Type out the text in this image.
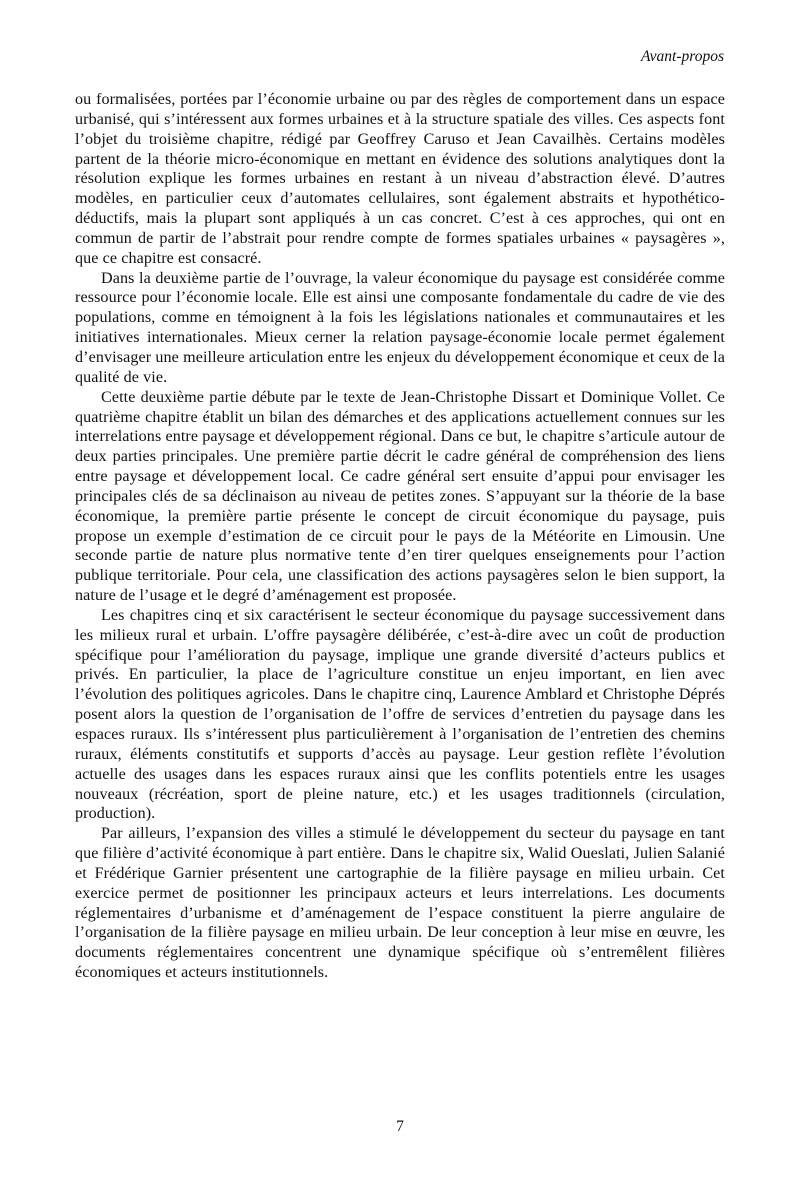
Avant-propos

ou formalisées, portées par l’économie urbaine ou par des règles de comportement dans un espace urbanisé, qui s’intéressent aux formes urbaines et à la structure spatiale des villes. Ces aspects font l’objet du troisième chapitre, rédigé par Geoffrey Caruso et Jean Cavailhès. Certains modèles partent de la théorie micro-économique en mettant en évidence des solutions analytiques dont la résolution explique les formes urbaines en restant à un niveau d’abstraction élevé. D’autres modèles, en particulier ceux d’automates cellulaires, sont également abstraits et hypothético-déductifs, mais la plupart sont appliqués à un cas concret. C’est à ces approches, qui ont en commun de partir de l’abstrait pour rendre compte de formes spatiales urbaines « paysagères », que ce chapitre est consacré.

Dans la deuxième partie de l’ouvrage, la valeur économique du paysage est considérée comme ressource pour l’économie locale. Elle est ainsi une composante fondamentale du cadre de vie des populations, comme en témoignent à la fois les législations nationales et communautaires et les initiatives internationales. Mieux cerner la relation paysage-économie locale permet également d’envisager une meilleure articulation entre les enjeux du développement économique et ceux de la qualité de vie.

Cette deuxième partie débute par le texte de Jean-Christophe Dissart et Dominique Vollet. Ce quatrième chapitre établit un bilan des démarches et des applications actuellement connues sur les interrelations entre paysage et développement régional. Dans ce but, le chapitre s’articule autour de deux parties principales. Une première partie décrit le cadre général de compréhension des liens entre paysage et développement local. Ce cadre général sert ensuite d’appui pour envisager les principales clés de sa déclinaison au niveau de petites zones. S’appuyant sur la théorie de la base économique, la première partie présente le concept de circuit économique du paysage, puis propose un exemple d’estimation de ce circuit pour le pays de la Météorite en Limousin. Une seconde partie de nature plus normative tente d’en tirer quelques enseignements pour l’action publique territoriale. Pour cela, une classification des actions paysagères selon le bien support, la nature de l’usage et le degré d’aménagement est proposée.

Les chapitres cinq et six caractérisent le secteur économique du paysage successivement dans les milieux rural et urbain. L’offre paysagère délibérée, c’est-à-dire avec un coût de production spécifique pour l’amélioration du paysage, implique une grande diversité d’acteurs publics et privés. En particulier, la place de l’agriculture constitue un enjeu important, en lien avec l’évolution des politiques agricoles. Dans le chapitre cinq, Laurence Amblard et Christophe Déprés posent alors la question de l’organisation de l’offre de services d’entretien du paysage dans les espaces ruraux. Ils s’intéressent plus particulièrement à l’organisation de l’entretien des chemins ruraux, éléments constitutifs et supports d’accès au paysage. Leur gestion reflète l’évolution actuelle des usages dans les espaces ruraux ainsi que les conflits potentiels entre les usages nouveaux (récréation, sport de pleine nature, etc.) et les usages traditionnels (circulation, production).

Par ailleurs, l’expansion des villes a stimulé le développement du secteur du paysage en tant que filière d’activité économique à part entière. Dans le chapitre six, Walid Oueslati, Julien Salanié et Frédérique Garnier présentent une cartographie de la filière paysage en milieu urbain. Cet exercice permet de positionner les principaux acteurs et leurs interrelations. Les documents réglementaires d’urbanisme et d’aménagement de l’espace constituent la pierre angulaire de l’organisation de la filière paysage en milieu urbain. De leur conception à leur mise en œuvre, les documents réglementaires concentrent une dynamique spécifique où s’entremêlent filières économiques et acteurs institutionnels.

7
